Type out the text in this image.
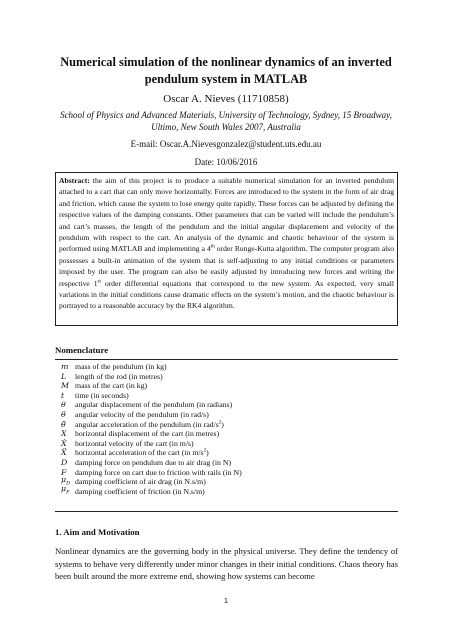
Numerical simulation of the nonlinear dynamics of an inverted pendulum system in MATLAB
Oscar A. Nieves (11710858)
School of Physics and Advanced Materials, University of Technology, Sydney, 15 Broadway, Ultimo, New South Wales 2007, Australia
E-mail: Oscar.A.Nievesgonzalez@student.uts.edu.au
Date: 10/06/2016
Abstract: the aim of this project is to produce a suitable numerical simulation for an inverted pendulum attached to a cart that can only move horizontally. Forces are introduced to the system in the form of air drag and friction, which cause the system to lose energy quite rapidly. These forces can be adjusted by defining the respective values of the damping constants. Other parameters that can be varied will include the pendulum’s and cart’s masses, the length of the pendulum and the initial angular displacement and velocity of the pendulum with respect to the cart. An analysis of the dynamic and chaotic behaviour of the system is performed using MATLAB and implementing a 4th order Runge-Kutta algorithm. The computer program also possesses a built-in animation of the system that is self-adjusting to any initial conditions or parameters imposed by the user. The program can also be easily adjusted by introducing new forces and writing the respective 1st order differential equations that correspond to the new system. As expected, very small variations in the initial conditions cause dramatic effects on the system’s motion, and the chaotic behaviour is portrayed to a reasonable accuracy by the RK4 algorithm.
Nomenclature
m mass of the pendulum (in kg)
L	length of the rod (in metres)
M mass of the cart (in kg)
t	time (in seconds)
θ	angular displacement of the pendulum (in radians)
θ̇	angular velocity of the pendulum (in rad/s)
θ̈	angular acceleration of the pendulum (in rad/$s^2$)
X	horizontal displacement of the cart (in metres)
Ẋ	horizontal velocity of the cart (in m/s)
Ẍ	horizontal acceleration of the cart (in $m/s^2$)
D damping force on pendulum due to air drag (in N)
F	damping force on cart due to friction with rails (in N)
$\mu_D$ damping coefficient of air drag (in N.s/m)
$\mu_F$ damping coefficient of friction (in N.s/m)
1. Aim and Motivation
Nonlinear dynamics are the governing body in the physical universe. They define the tendency of systems to behave very differently under minor changes in their initial conditions. Chaos theory has been built around the more extreme end, showing how systems can become
1
